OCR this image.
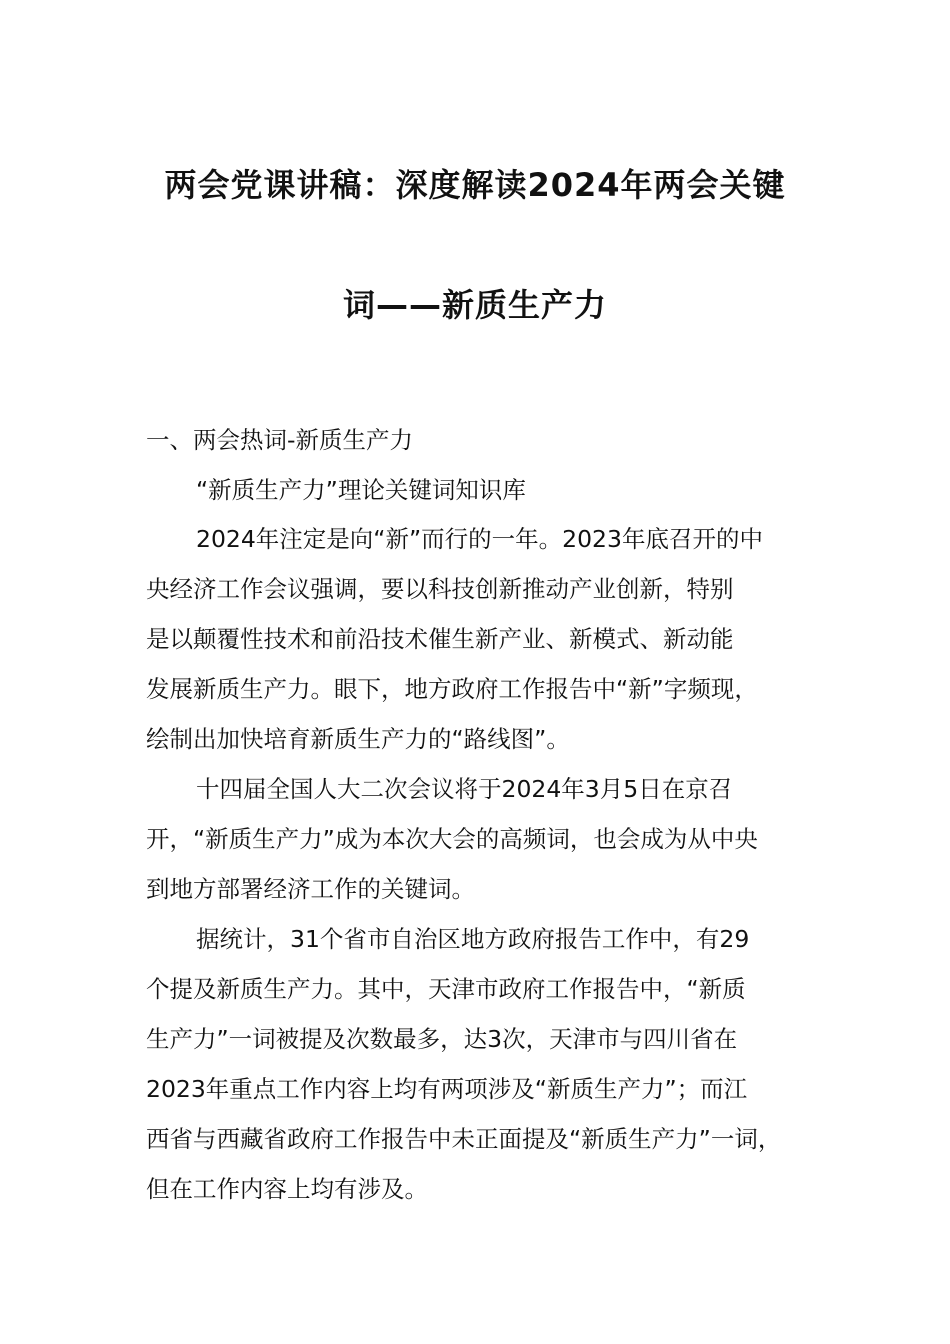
两会党课讲稿：深度解读2024年两会关键
词——新质生产力
一、两会热词-新质生产力
“新质生产力”理论关键词知识库
2024年注定是向“新”而行的一年。2023年底召开的中
央经济工作会议强调，要以科技创新推动产业创新，特别
是以颠覆性技术和前沿技术催生新产业、新模式、新动能
发展新质生产力。眼下，地方政府工作报告中“新”字频现，
绘制出加快培育新质生产力的“路线图”。
十四届全国人大二次会议将于2024年3月5日在京召
开，“新质生产力”成为本次大会的高频词，也会成为从中央
到地方部署经济工作的关键词。
据统计，31个省市自治区地方政府报告工作中，有29
个提及新质生产力。其中，天津市政府工作报告中，“新质
生产力”一词被提及次数最多，达3次，天津市与四川省在
2023年重点工作内容上均有两项涉及“新质生产力”；而江
西省与西藏省政府工作报告中未正面提及“新质生产力”一词，
但在工作内容上均有涉及。
